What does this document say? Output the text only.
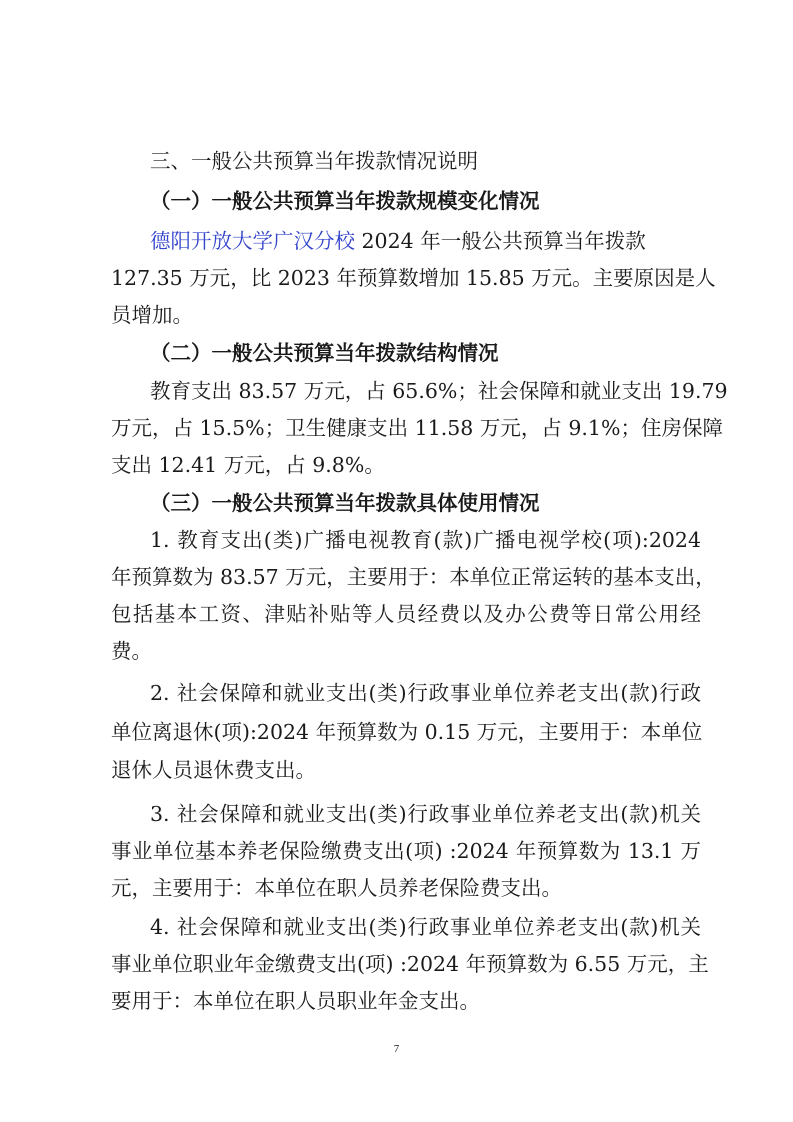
三、一般公共预算当年拨款情况说明
（一）一般公共预算当年拨款规模变化情况
德阳开放大学广汉分校 2024 年一般公共预算当年拨款
127.35 万元，比 2023 年预算数增加 15.85 万元。主要原因是人
员增加。
（二）一般公共预算当年拨款结构情况
教育支出 83.57 万元，占 65.6%；社会保障和就业支出 19.79
万元，占 15.5%；卫生健康支出 11.58 万元，占 9.1%；住房保障
支出 12.41 万元，占 9.8%。
（三）一般公共预算当年拨款具体使用情况
1. 教育支出(类)广播电视教育(款)广播电视学校(项):2024
年预算数为 83.57 万元，主要用于：本单位正常运转的基本支出，
包括基本工资、津贴补贴等人员经费以及办公费等日常公用经
费。
2. 社会保障和就业支出(类)行政事业单位养老支出(款)行政
单位离退休(项):2024 年预算数为 0.15 万元，主要用于：本单位
退休人员退休费支出。
3. 社会保障和就业支出(类)行政事业单位养老支出(款)机关
事业单位基本养老保险缴费支出(项) :2024 年预算数为 13.1 万
元，主要用于：本单位在职人员养老保险费支出。
4. 社会保障和就业支出(类)行政事业单位养老支出(款)机关
事业单位职业年金缴费支出(项) :2024 年预算数为 6.55 万元，主
要用于：本单位在职人员职业年金支出。
7
